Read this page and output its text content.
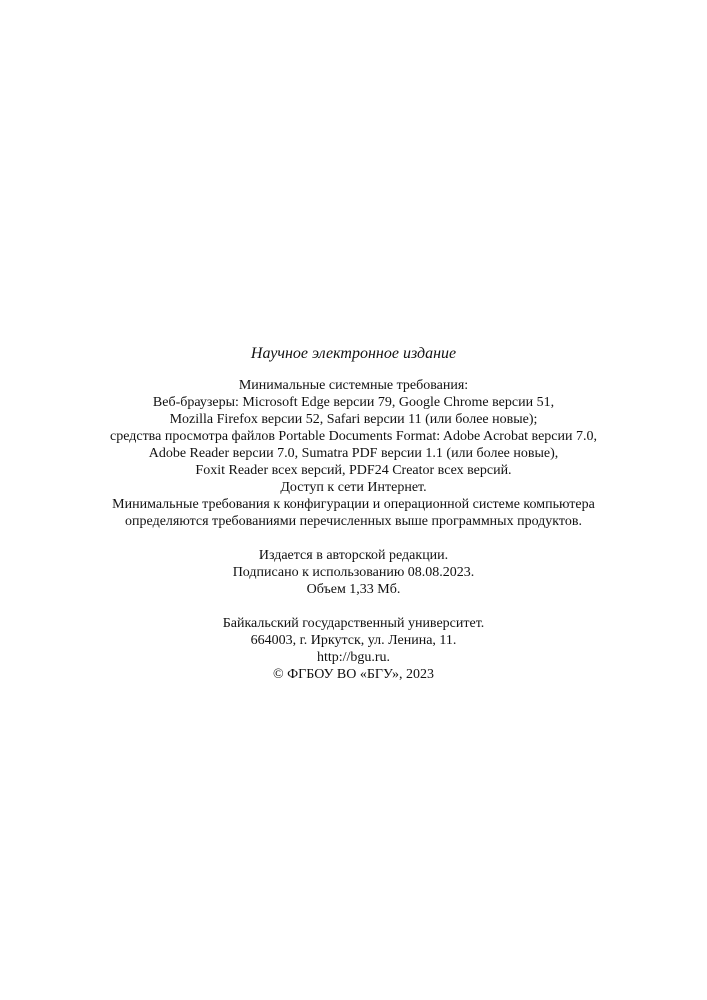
Научное электронное издание
Минимальные системные требования:
Веб-браузеры: Microsoft Edge версии 79, Google Chrome версии 51,
Mozilla Firefox версии 52, Safari версии 11 (или более новые);
средства просмотра файлов Portable Documents Format: Adobe Acrobat версии 7.0,
Adobe Reader версии 7.0, Sumatra PDF версии 1.1 (или более новые),
Foxit Reader всех версий, PDF24 Creator всех версий.
Доступ к сети Интернет.
Минимальные требования к конфигурации и операционной системе компьютера
определяются требованиями перечисленных выше программных продуктов.
Издается в авторской редакции.
Подписано к использованию 08.08.2023.
Объем 1,33 Мб.
Байкальский государственный университет.
664003, г. Иркутск, ул. Ленина, 11.
http://bgu.ru.
© ФГБОУ ВО «БГУ», 2023
